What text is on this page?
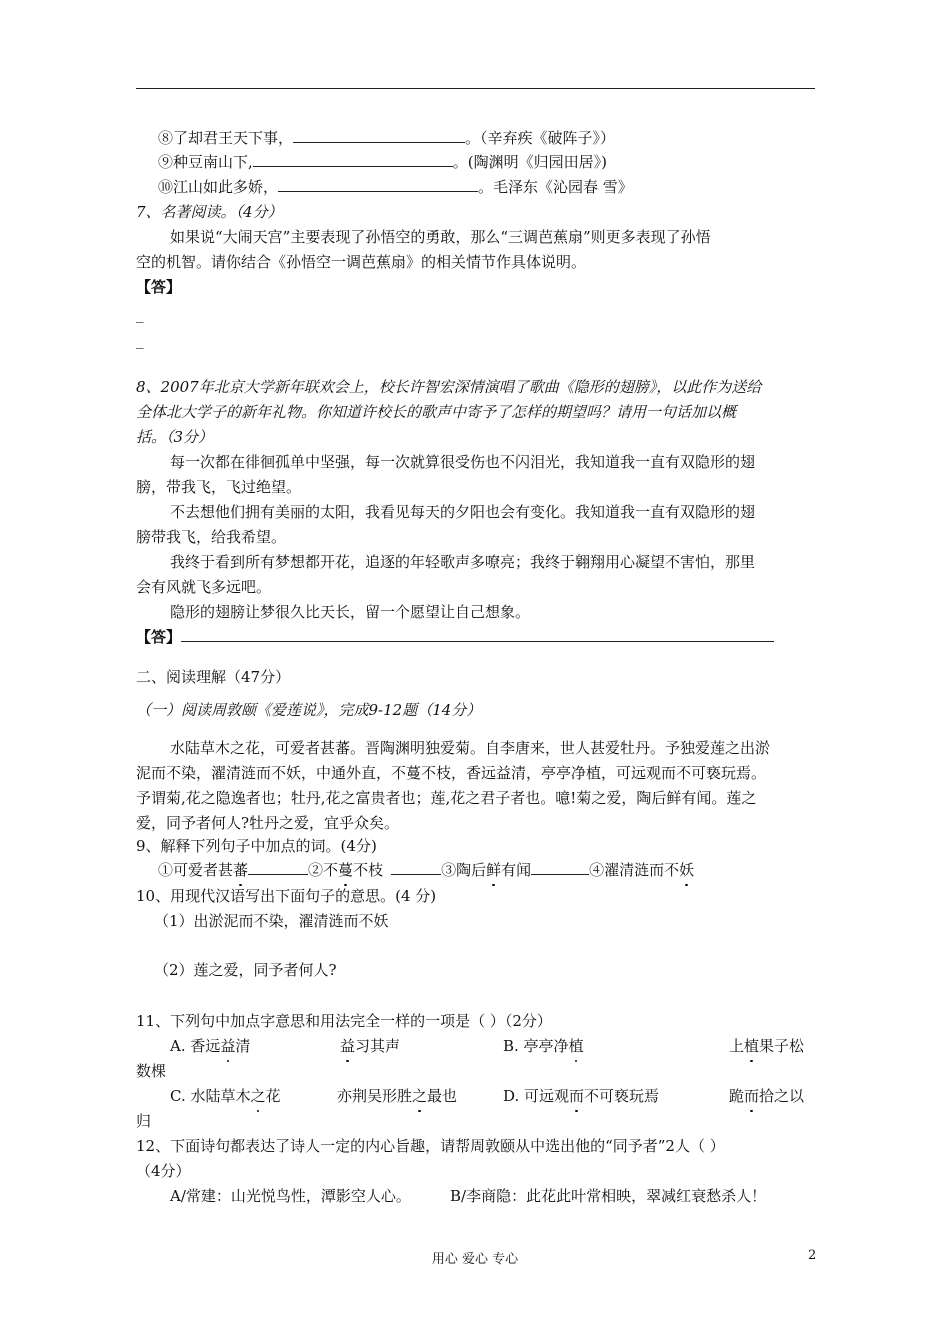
⑧了却君王天下事，	。（辛弃疾《破阵子》）
⑨种豆南山下,	。(陶渊明《归园田居》)
⑩江山如此多娇，	。毛泽东《沁园春 雪》
7、名著阅读。（4分）
如果说“大闹天宫”主要表现了孙悟空的勇敢，那么“三调芭蕉扇”则更多表现了孙悟
空的机智。请你结合《孙悟空一调芭蕉扇》的相关情节作具体说明。
【答】
_
_
8、2007年北京大学新年联欢会上，校长许智宏深情演唱了歌曲《隐形的翅膀》，以此作为送给
全体北大学子的新年礼物。你知道许校长的歌声中寄予了怎样的期望吗？请用一句话加以概
括。（3分）
每一次都在徘徊孤单中坚强，每一次就算很受伤也不闪泪光，我知道我一直有双隐形的翅
膀，带我飞，飞过绝望。
不去想他们拥有美丽的太阳，我看见每天的夕阳也会有变化。我知道我一直有双隐形的翅
膀带我飞，给我希望。
我终于看到所有梦想都开花，追逐的年轻歌声多嘹亮；我终于翱翔用心凝望不害怕，那里
会有风就飞多远吧。
隐形的翅膀让梦很久比天长，留一个愿望让自己想象。
【答】
二、阅读理解（47分）
（一）阅读周敦颐《爱莲说》，完成9-12题（14分）
水陆草木之花，可爱者甚蕃。晋陶渊明独爱菊。自李唐来，世人甚爱牡丹。予独爱莲之出淤
泥而不染，濯清涟而不妖，中通外直，不蔓不枝，香远益清，亭亭净植，可远观而不可亵玩焉。
予谓菊,花之隐逸者也；牡丹,花之富贵者也；莲,花之君子者也。噫!菊之爱，陶后鲜有闻。莲之
爱，同予者何人?牡丹之爱，宜乎众矣。
9、解释下列句子中加点的词。(4分)
①可爱者甚蕃	②不蔓不枝	③陶后鲜有闻	④濯清涟而不妖
10、用现代汉语写出下面句子的意思。(4 分)
（1）出淤泥而不染，濯清涟而不妖
（2）莲之爱，同予者何人?
11、下列句中加点字意思和用法完全一样的一项是（ ）（2分）
A. 香远益清	益习其声	B. 亭亭净植	上植果子松
数棵
C. 水陆草木之花	亦荆吴形胜之最也	D. 可远观而不可亵玩焉	跪而拾之以
归
12、下面诗句都表达了诗人一定的内心旨趣，请帮周敦颐从中选出他的“同予者”2人（ ）
（4分）
A/常建：山光悦鸟性，潭影空人心。	B/李商隐：此花此叶常相映，翠减红衰愁杀人！
用心 爱心 专心	2
